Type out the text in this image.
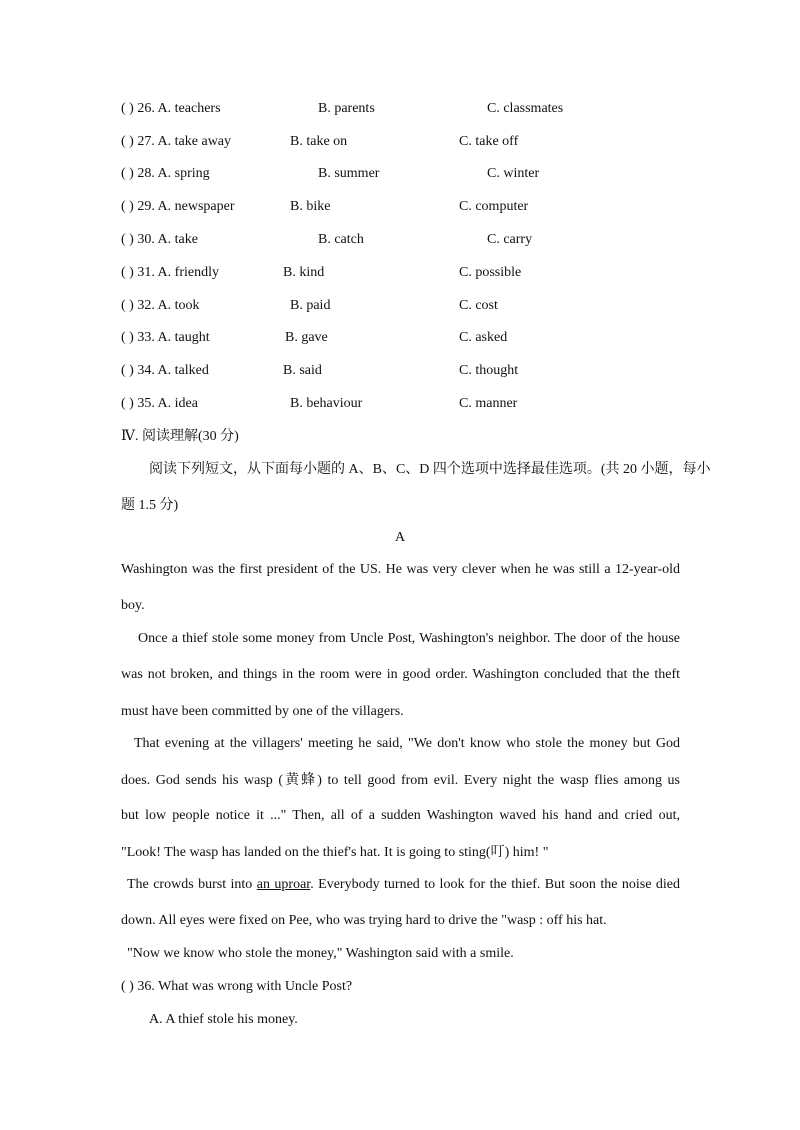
( ) 26. A. teachers	B. parents	C. classmates
( ) 27. A. take away	B. take on	C. take off
( ) 28. A. spring	B. summer	C. winter
( ) 29. A. newspaper	B. bike	C. computer
( ) 30. A. take	B. catch	C. carry
( ) 31. A. friendly	B. kind	C. possible
( ) 32. A. took	B. paid	C. cost
( ) 33. A. taught	B. gave	C. asked
( ) 34. A. talked	B. said	C. thought
( ) 35. A. idea	B. behaviour	C. manner
Ⅳ. 阅读理解(30 分)
阅读下列短文，从下面每小题的 A、B、C、D 四个选项中选择最佳选项。(共 20 小题，每小
题 1.5 分)
A
Washington was the first president of the US. He was very clever when he was still a 12-year-old
boy.
Once a thief stole some money from Uncle Post, Washington's neighbor. The door of the house
was not broken, and things in the room were in good order. Washington concluded that the theft
must have been committed by one of the villagers.
That evening at the villagers' meeting he said, "We don't know who stole the money but God
does. God sends his wasp (黄蜂) to tell good from evil. Every night the wasp flies among us
but low people notice it ..." Then, all of a sudden Washington waved his hand and cried out,
"Look! The wasp has landed on the thief's hat. It is going to sting(叮) him! "
The crowds burst into an uproar. Everybody turned to look for the thief. But soon the noise died
down. All eyes were fixed on Pee, who was trying hard to drive the "wasp : off his hat.
"Now we know who stole the money," Washington said with a smile.
( ) 36. What was wrong with Uncle Post?
A. A thief stole his money.
